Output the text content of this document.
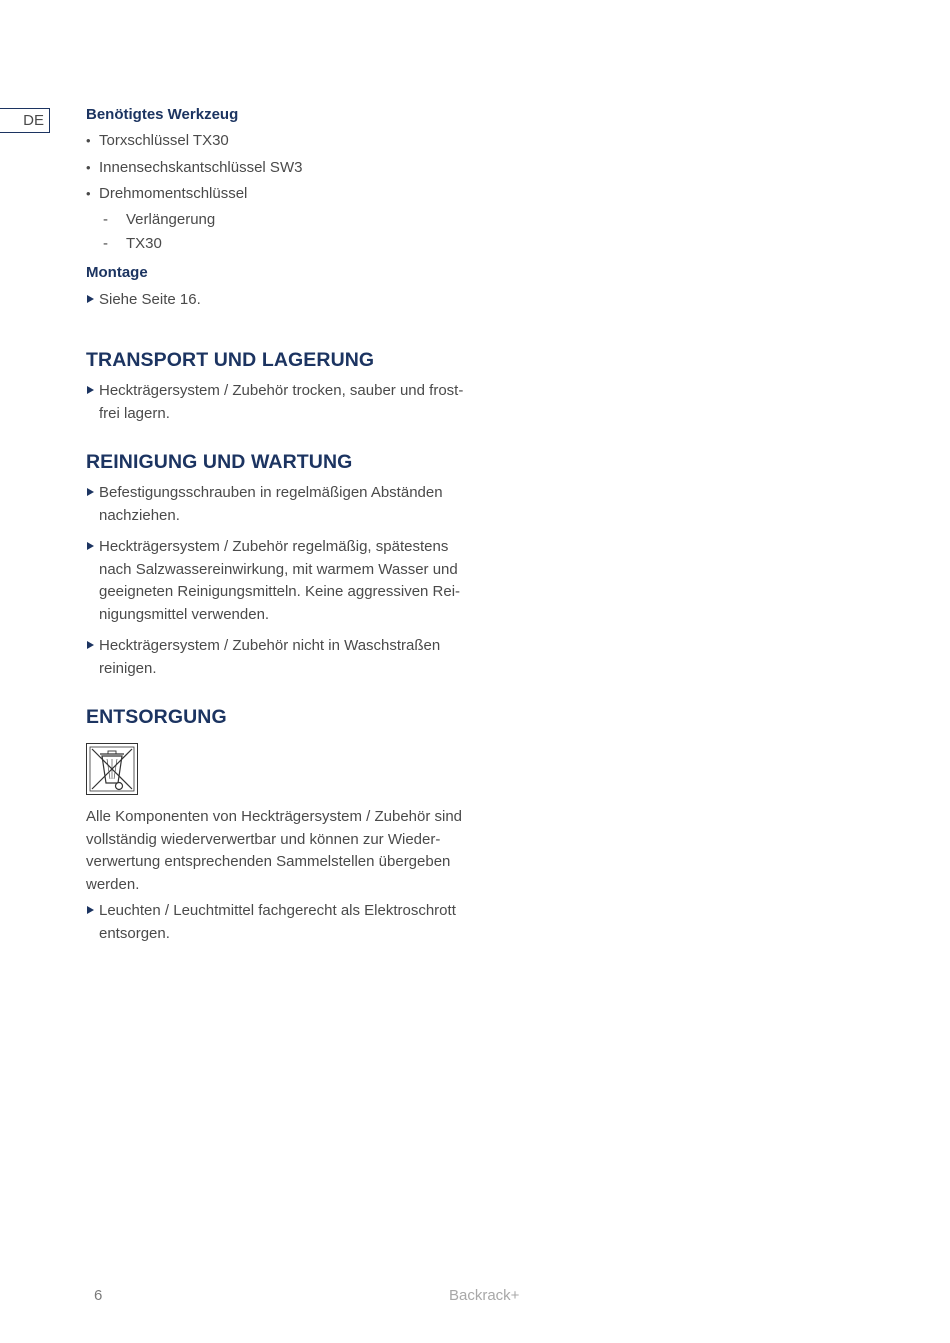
DE	Benötigtes Werkzeug

• Torxschlüssel TX30
• Innensechskantschlüssel SW3
• Drehmomentschlüssel
- Verlängerung
- TX30

Montage

Siehe Seite 16.

TRANSPORT UND LAGERUNG

Heckträgersystem / Zubehör trocken, sauber und frost-
frei lagern.

REINIGUNG UND WARTUNG

Befestigungsschrauben in regelmäßigen Abständen
nachziehen.
Heckträgersystem / Zubehör regelmäßig, spätestens
nach Salzwassereinwirkung, mit warmem Wasser und
geeigneten Reinigungsmitteln. Keine aggressiven Rei-
nigungsmittel verwenden.
Heckträgersystem / Zubehör nicht in Waschstraßen
reinigen.

ENTSORGUNG

Alle Komponenten von Heckträgersystem / Zubehör sind
vollständig wiederverwertbar und können zur Wieder-
verwertung entsprechenden Sammelstellen übergeben
werden.

Leuchten / Leuchtmittel fachgerecht als Elektroschrott
entsorgen.
6	Backrack+
